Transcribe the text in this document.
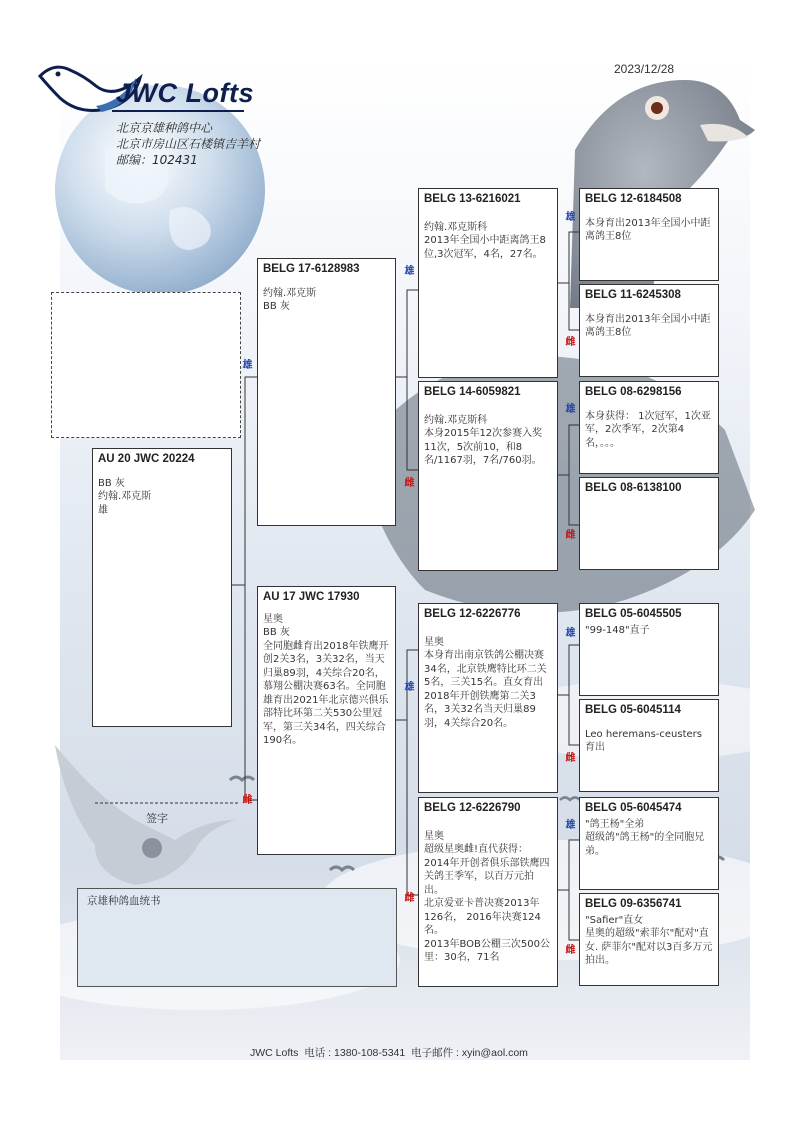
JWC Lofts
北京京雄种鸽中心
北京市房山区石楼镇吉羊村
邮编：102431
2023/12/28
雄
雌
雄
雌
雄
雌
雄
雌
雄
雌
雄
雌
雄
雌
AU 20 JWC 20224

BB 灰

约翰.邓克斯

雄

BELG 17-6128983

约翰.邓克斯
BB 灰

AU 17 JWC 17930

星奥
BB 灰
全同胞雌育出2018年铁鹰开创2关3名，3关32名，当天归巢89羽，4关综合20名，慕翔公棚决赛63名。全同胞雄育出2021年北京德兴俱乐部特比环第二关530公里冠军，第三关34名，四关综合190名。

BELG 13-6216021

约翰.邓克斯科
2013年全国小中距离鸽王8位,3次冠军，4名，27名。

BELG 14-6059821

约翰.邓克斯科
本身2015年12次参赛入奖11次，5次前10，和8名/1167羽，7名/760羽。

BELG 12-6226776

星奥
本身育出南京铁鸽公棚决赛34名，北京铁鹰特比环二关5名，三关15名。直女育出2018年开创铁鹰第二关3名，3关32名当天归巢89羽，4关综合20名。

BELG 12-6226790

星奥
超级星奥雌!直代获得：2014年开创者俱乐部铁鹰四关鸽王季军，以百万元拍出。
北京爱亚卡普决赛2013年126名， 2016年决赛124名。
2013年BOB公棚三次500公里：30名，71名

BELG 12-6184508

本身育出2013年全国小中距离鸽王8位

BELG 11-6245308

本身育出2013年全国小中距离鸽王8位

BELG 08-6298156

本身获得： 1次冠军，1次亚军，2次季军，2次第4名，。。。

BELG 08-6138100

BELG 05-6045505

"99-148"直子

BELG 05-6045114

Leo heremans-ceusters 育出

BELG 05-6045474

"鸽王杨"全弟
超级鸽"鸽王杨"的全同胞兄弟。

BELG 09-6356741

"Safier"直女
星奥的超级"索菲尔"配对"直女. 萨菲尔"配对以3百多万元拍出。

签字
京雄种鸽血统书
JWC Lofts  电话 : 1380-108-5341  电子邮件 : xyin@aol.com
